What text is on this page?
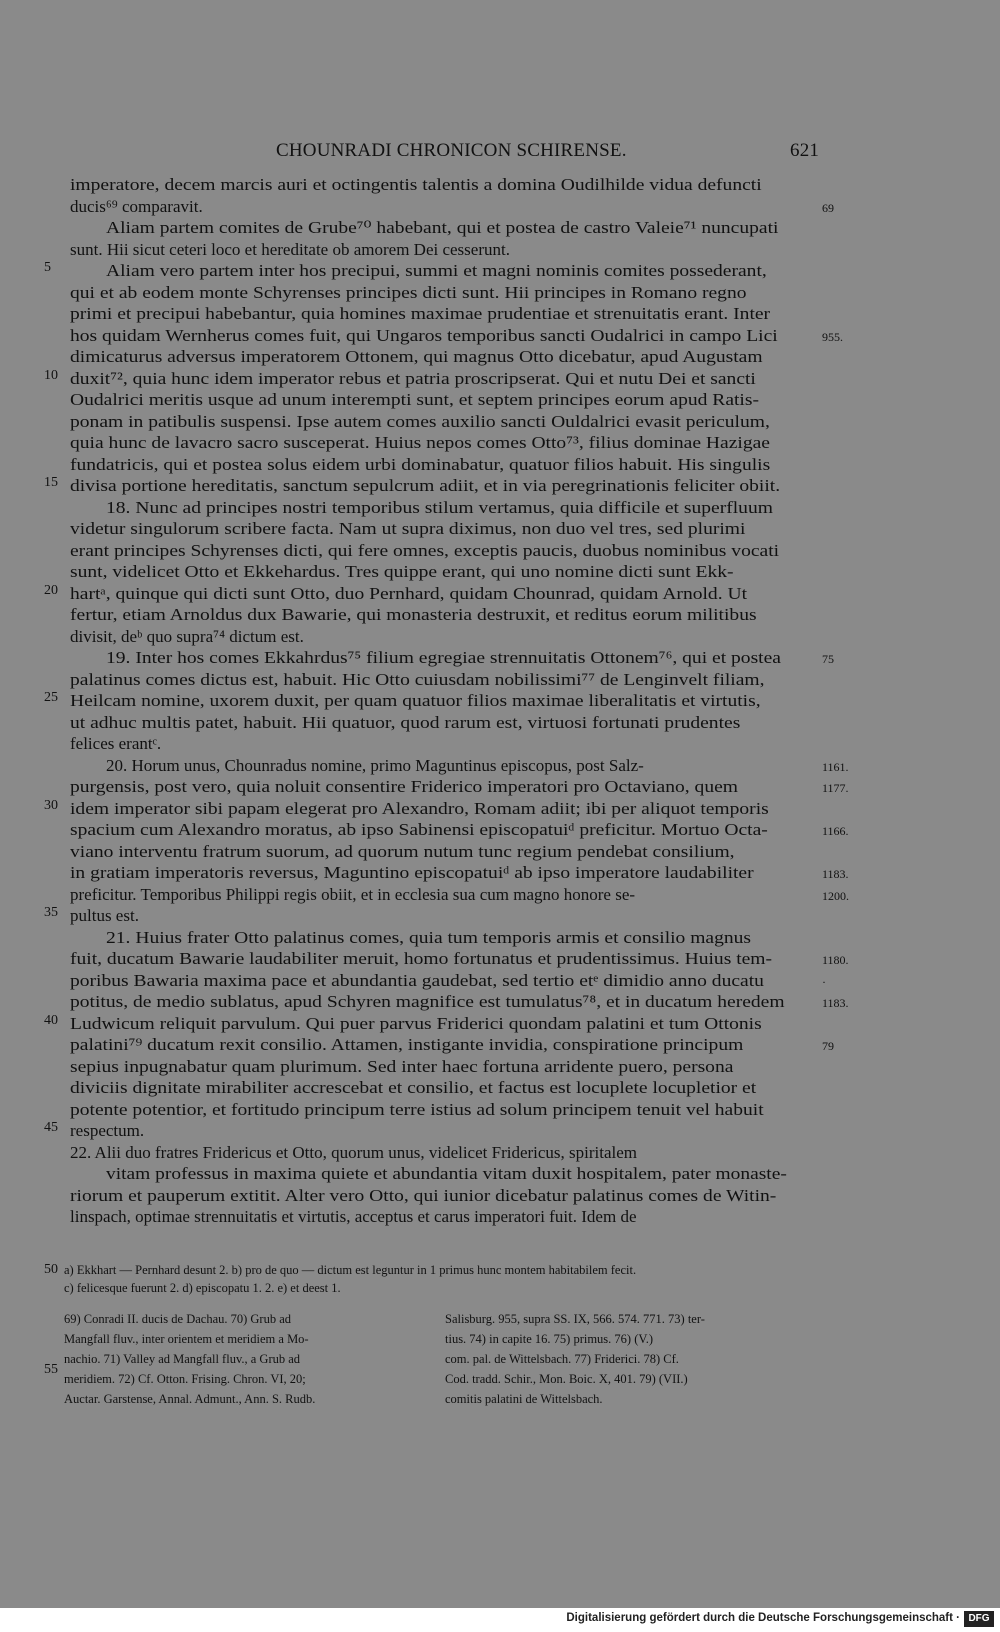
CHOUNRADI CHRONICON SCHIRENSE.	621
imperatore, decem marcis auri et octingentis talentis a domina Oudilhilde vidua defuncti
ducis⁶⁹ comparavit.
Aliam partem comites de Grube⁷⁰ habebant, qui et postea de castro Valeie⁷¹ nuncupati
sunt. Hii sicut ceteri loco et hereditate ob amorem Dei cesserunt.
Aliam vero partem inter hos precipui, summi et magni nominis comites possederant,
qui et ab eodem monte Schyrenses principes dicti sunt. Hii principes in Romano regno
primi et precipui habebantur, quia homines maximae prudentiae et strenuitatis erant. Inter
hos quidam Wernherus comes fuit, qui Ungaros temporibus sancti Oudalrici in campo Lici
dimicaturus adversus imperatorem Ottonem, qui magnus Otto dicebatur, apud Augustam
duxit⁷², quia hunc idem imperator rebus et patria proscripserat. Qui et nutu Dei et sancti
Oudalrici meritis usque ad unum interempti sunt, et septem principes eorum apud Ratis-
ponam in patibulis suspensi. Ipse autem comes auxilio sancti Ouldalrici evasit periculum,
quia hunc de lavacro sacro susceperat. Huius nepos comes Otto⁷³, filius dominae Hazigae
fundatricis, qui et postea solus eidem urbi dominabatur, quatuor filios habuit. His singulis
divisa portione hereditatis, sanctum sepulcrum adiit, et in via peregrinationis feliciter obiit.
18. Nunc ad principes nostri temporibus stilum vertamus, quia difficile et superfluum
videtur singulorum scribere facta. Nam ut supra diximus, non duo vel tres, sed plurimi
erant principes Schyrenses dicti, qui fere omnes, exceptis paucis, duobus nominibus vocati
sunt, videlicet Otto et Ekkehardus. Tres quippe erant, qui uno nomine dicti sunt Ekk-
hartᵃ, quinque qui dicti sunt Otto, duo Pernhard, quidam Chounrad, quidam Arnold. Ut
fertur, etiam Arnoldus dux Bawarie, qui monasteria destruxit, et reditus eorum militibus
divisit, deᵇ quo supra⁷⁴ dictum est.
19. Inter hos comes Ekkahrdus⁷⁵ filium egregiae strennuitatis Ottonem⁷⁶, qui et postea
palatinus comes dictus est, habuit. Hic Otto cuiusdam nobilissimi⁷⁷ de Lenginvelt filiam,
Heilcam nomine, uxorem duxit, per quam quatuor filios maximae liberalitatis et virtutis,
ut adhuc multis patet, habuit. Hii quatuor, quod rarum est, virtuosi fortunati prudentes
felices erantᶜ.
20. Horum unus, Chounradus nomine, primo Maguntinus episcopus, post Salz-
purgensis, post vero, quia noluit consentire Friderico imperatori pro Octaviano, quem
idem imperator sibi papam elegerat pro Alexandro, Romam adiit; ibi per aliquot temporis
spacium cum Alexandro moratus, ab ipso Sabinensi episcopatuiᵈ preficitur. Mortuo Octa-
viano interventu fratrum suorum, ad quorum nutum tunc regium pendebat consilium,
in gratiam imperatoris reversus, Maguntino episcopatuiᵈ ab ipso imperatore laudabiliter
preficitur. Temporibus Philippi regis obiit, et in ecclesia sua cum magno honore se-
pultus est.
21. Huius frater Otto palatinus comes, quia tum temporis armis et consilio magnus
fuit, ducatum Bawarie laudabiliter meruit, homo fortunatus et prudentissimus. Huius tem-
poribus Bawaria maxima pace et abundantia gaudebat, sed tertio etᵉ dimidio anno ducatu
potitus, de medio sublatus, apud Schyren magnifice est tumulatus⁷⁸, et in ducatum heredem
Ludwicum reliquit parvulum. Qui puer parvus Friderici quondam palatini et tum Ottonis
palatini⁷⁹ ducatum rexit consilio. Attamen, instigante invidia, conspiratione principum
sepius inpugnabatur quam plurimum. Sed inter haec fortuna arridente puero, persona
diviciis dignitate mirabiliter accrescebat et consilio, et factus est locuplete locupletior et
potente potentior, et fortitudo principum terre istius ad solum principem tenuit vel habuit
respectum.
22. Alii duo fratres Fridericus et Otto, quorum unus, videlicet Fridericus, spiritalem
vitam professus in maxima quiete et abundantia vitam duxit hospitalem, pater monaste-
riorum et pauperum extitit. Alter vero Otto, qui iunior dicebatur palatinus comes de Witin-
linspach, optimae strennuitatis et virtutis, acceptus et carus imperatori fuit. Idem de
5
10
15
20
25
30
35
40
45
50
55
69
955.
75
1161.
1177.
1166.
1183.
1200.
1180.
·
1183.
79
a) Ekkhart — Pernhard desunt 2. b) pro de quo — dictum est leguntur in 1 primus hunc montem habitabilem fecit.
c) felicesque fuerunt 2. d) episcopatu 1. 2. e) et deest 1.
69) Conradi II. ducis de Dachau. 70) Grub ad
Mangfall fluv., inter orientem et meridiem a Mo-
nachio. 71) Valley ad Mangfall fluv., a Grub ad
meridiem. 72) Cf. Otton. Frising. Chron. VI, 20;
Auctar. Garstense, Annal. Admunt., Ann. S. Rudb.
Salisburg. 955, supra SS. IX, 566. 574. 771. 73) ter-
tius. 74) in capite 16. 75) primus. 76) (V.)
com. pal. de Wittelsbach. 77) Friderici. 78) Cf.
Cod. tradd. Schir., Mon. Boic. X, 401. 79) (VII.)
comitis palatini de Wittelsbach.
Digitalisierung gefördert durch die Deutsche Forschungsgemeinschaft · DFG
